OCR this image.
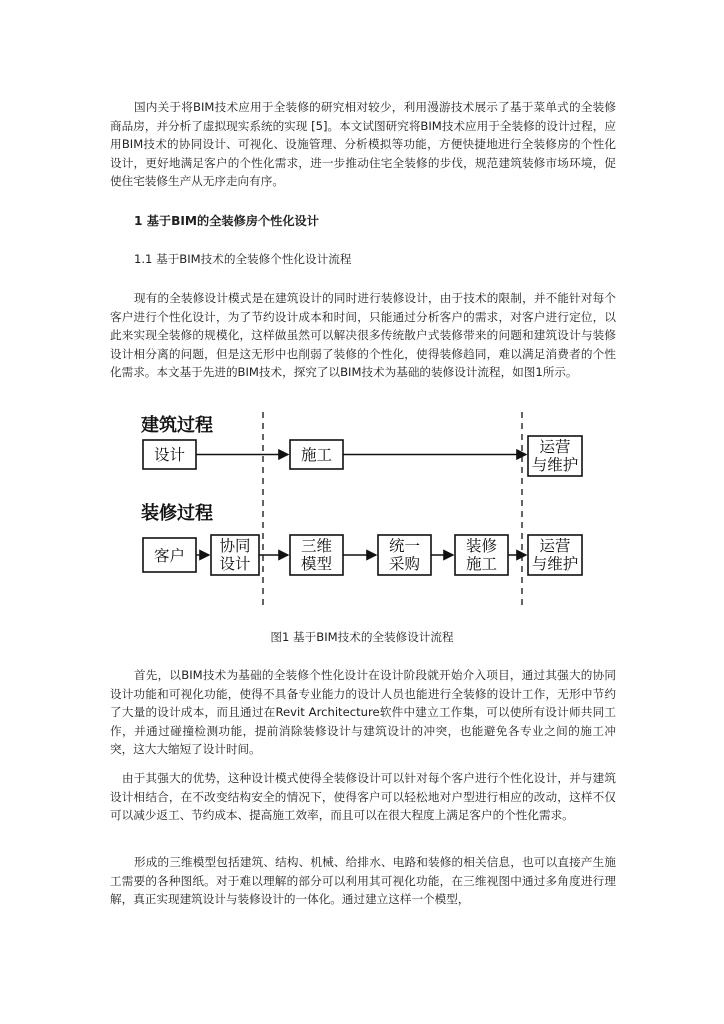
国内关于将BIM技术应用于全装修的研究相对较少，利用漫游技术展示了基于菜单式的全装修商品房，并分析了虚拟现实系统的实现 [5]。本文试图研究将BIM技术应用于全装修的设计过程，应用BIM技术的协同设计、可视化、设施管理、分析模拟等功能，方便快捷地进行全装修房的个性化设计，更好地满足客户的个性化需求，进一步推动住宅全装修的步伐，规范建筑装修市场环境，促使住宅装修生产从无序走向有序。

1 基于BIM的全装修房个性化设计

1.1 基于BIM技术的全装修个性化设计流程

现有的全装修设计模式是在建筑设计的同时进行装修设计，由于技术的限制，并不能针对每个客户进行个性化设计，为了节约设计成本和时间，只能通过分析客户的需求，对客户进行定位，以此来实现全装修的规模化，这样做虽然可以解决很多传统散户式装修带来的问题和建筑设计与装修设计相分离的问题，但是这无形中也削弱了装修的个性化，使得装修趋同，难以满足消费者的个性化需求。本文基于先进的BIM技术，探究了以BIM技术为基础的装修设计流程，如图1所示。

建筑过程
设计	施工	运营
与维护
装修过程
客户
协同
设计
三维
模型
统一
采购
装修
施工
运营
与维护

图1 基于BIM技术的全装修设计流程

首先，以BIM技术为基础的全装修个性化设计在设计阶段就开始介入项目，通过其强大的协同设计功能和可视化功能，使得不具备专业能力的设计人员也能进行全装修的设计工作，无形中节约了大量的设计成本，而且通过在Revit Architecture软件中建立工作集，可以使所有设计师共同工作，并通过碰撞检测功能，提前消除装修设计与建筑设计的冲突，也能避免各专业之间的施工冲突，这大大缩短了设计时间。

由于其强大的优势，这种设计模式使得全装修设计可以针对每个客户进行个性化设计，并与建筑设计相结合，在不改变结构安全的情况下，使得客户可以轻松地对户型进行相应的改动，这样不仅可以减少返工、节约成本、提高施工效率，而且可以在很大程度上满足客户的个性化需求。

形成的三维模型包括建筑、结构、机械、给排水、电路和装修的相关信息，也可以直接产生施工需要的各种图纸。对于难以理解的部分可以利用其可视化功能，在三维视图中通过多角度进行理解，真正实现建筑设计与装修设计的一体化。通过建立这样一个模型，
